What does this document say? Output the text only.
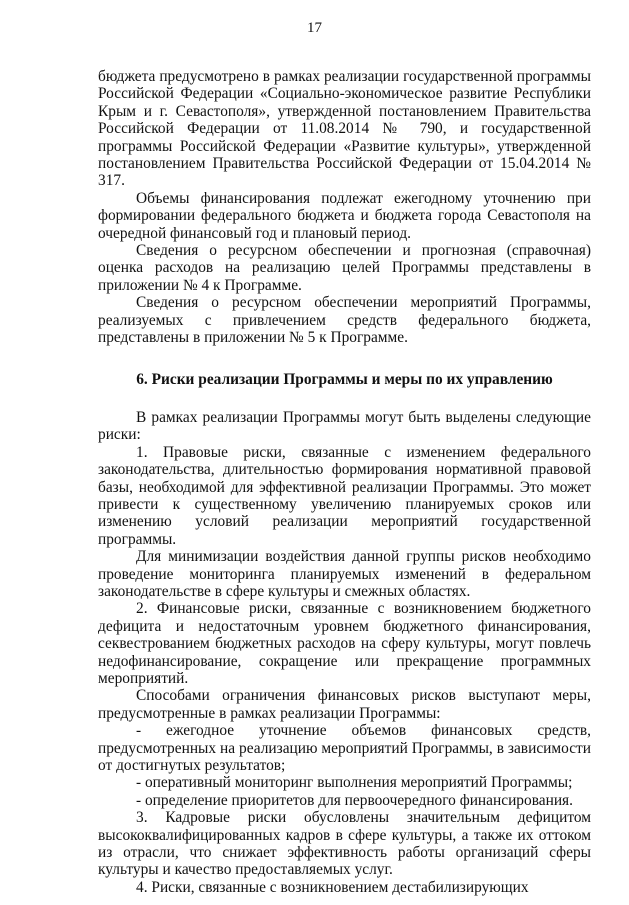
17

бюджета предусмотрено в рамках реализации государственной программы Российской Федерации «Социально-экономическое развитие Республики Крым и г. Севастополя», утвержденной постановлением Правительства Российской Федерации от 11.08.2014 № 790, и государственной программы Российской Федерации «Развитие культуры», утвержденной постановлением Правительства Российской Федерации от 15.04.2014 № 317.

Объемы финансирования подлежат ежегодному уточнению при формировании федерального бюджета и бюджета города Севастополя на очередной финансовый год и плановый период.

Сведения о ресурсном обеспечении и прогнозная (справочная) оценка расходов на реализацию целей Программы представлены в приложении № 4 к Программе.

Сведения о ресурсном обеспечении мероприятий Программы, реализуемых с привлечением средств федерального бюджета, представлены в приложении № 5 к Программе.

6. Риски реализации Программы и меры по их управлению

В рамках реализации Программы могут быть выделены следующие риски:

1. Правовые риски, связанные с изменением федерального законодательства, длительностью формирования нормативной правовой базы, необходимой для эффективной реализации Программы. Это может привести к существенному увеличению планируемых сроков или изменению условий реализации мероприятий государственной программы.

Для минимизации воздействия данной группы рисков необходимо проведение мониторинга планируемых изменений в федеральном законодательстве в сфере культуры и смежных областях.

2. Финансовые риски, связанные с возникновением бюджетного дефицита и недостаточным уровнем бюджетного финансирования, секвестрованием бюджетных расходов на сферу культуры, могут повлечь недофинансирование, сокращение или прекращение программных мероприятий.

Способами ограничения финансовых рисков выступают меры, предусмотренные в рамках реализации Программы:

- ежегодное уточнение объемов финансовых средств, предусмотренных на реализацию мероприятий Программы, в зависимости от достигнутых результатов;

- оперативный мониторинг выполнения мероприятий Программы;

- определение приоритетов для первоочередного финансирования.

3. Кадровые риски обусловлены значительным дефицитом высококвалифицированных кадров в сфере культуры, а также их оттоком из отрасли, что снижает эффективность работы организаций сферы культуры и качество предоставляемых услуг.

4. Риски, связанные с возникновением дестабилизирующих
